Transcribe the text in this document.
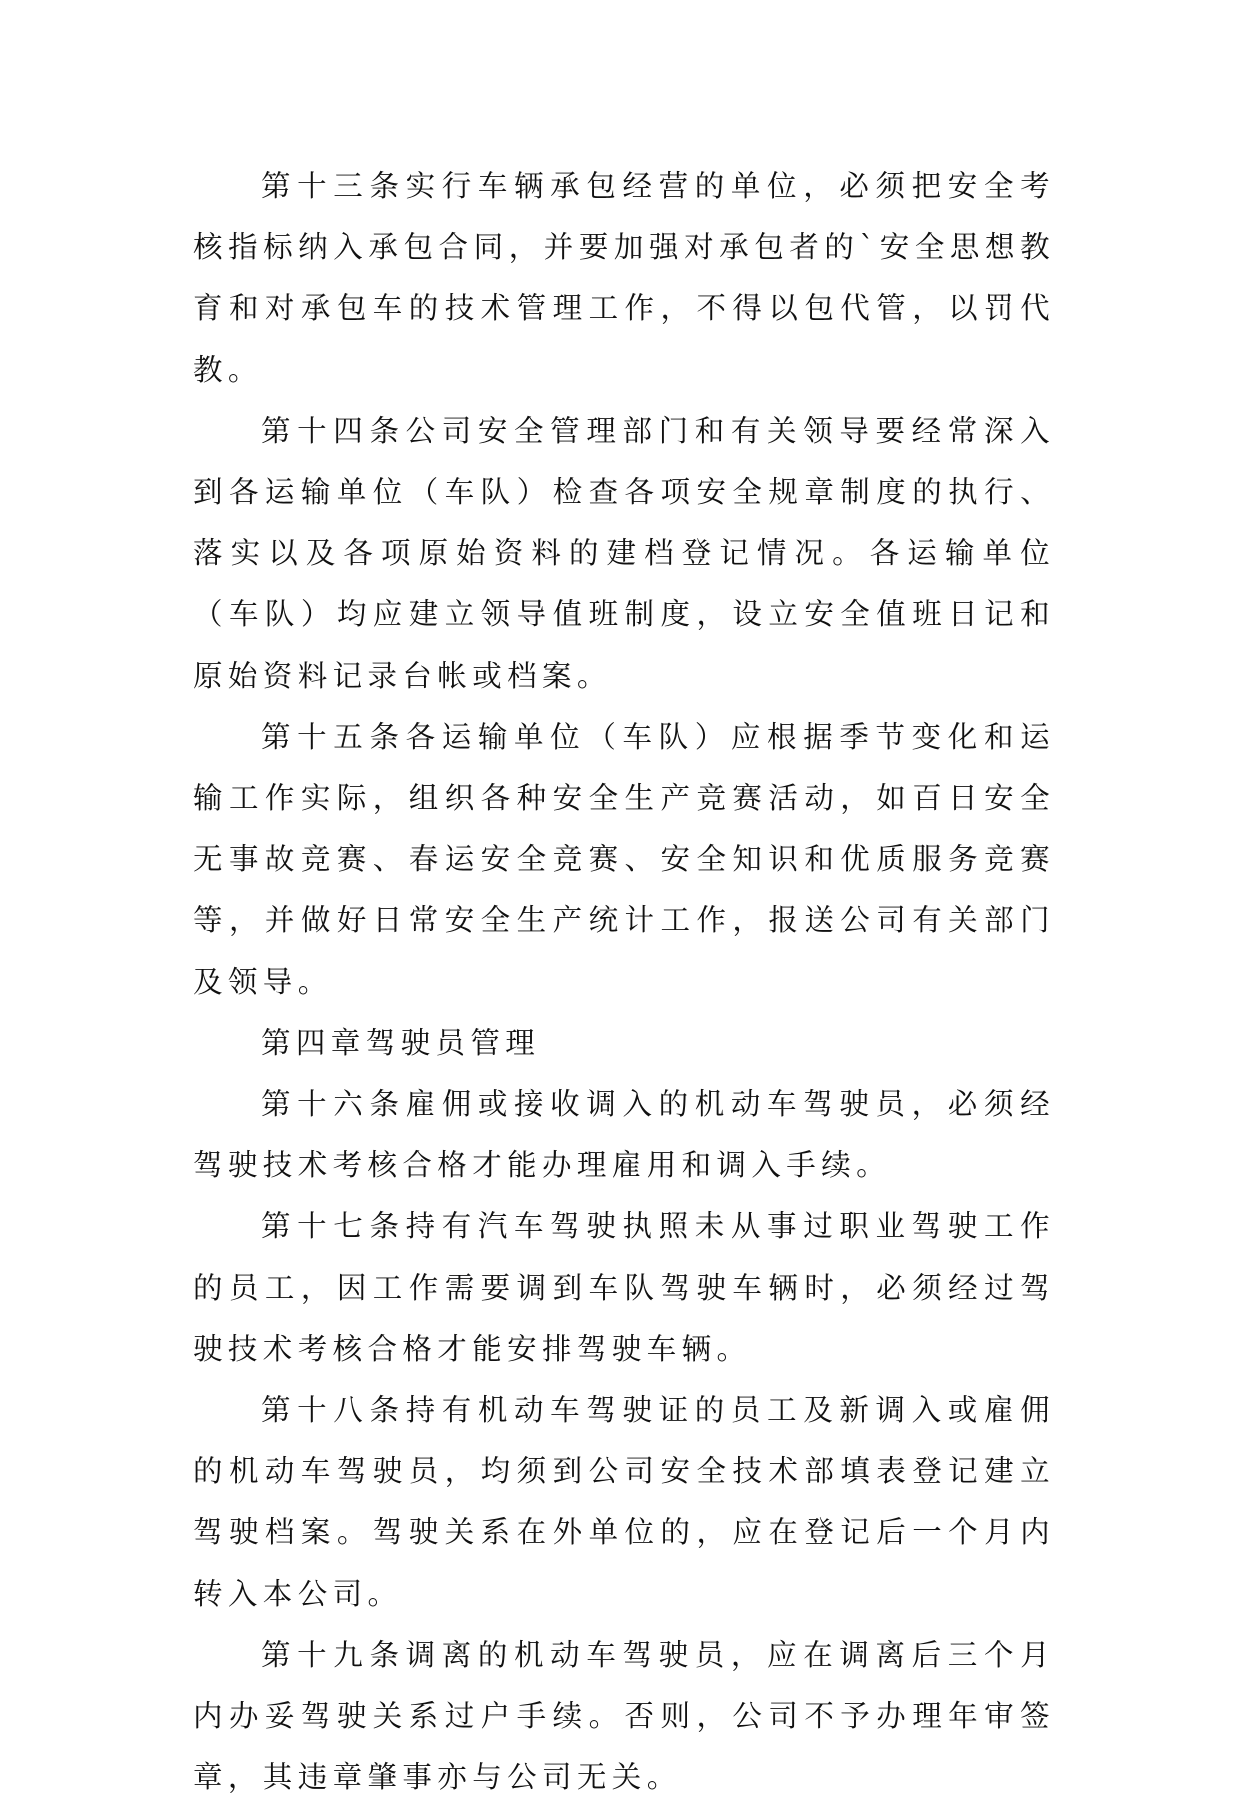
第十三条实行车辆承包经营的单位，必须把安全考核指标纳入承包合同，并要加强对承包者的`安全思想教育和对承包车的技术管理工作，不得以包代管，以罚代教。

第十四条公司安全管理部门和有关领导要经常深入到各运输单位（车队）检查各项安全规章制度的执行、落实以及各项原始资料的建档登记情况。各运输单位（车队）均应建立领导值班制度，设立安全值班日记和原始资料记录台帐或档案。

第十五条各运输单位（车队）应根据季节变化和运输工作实际，组织各种安全生产竞赛活动，如百日安全无事故竞赛、春运安全竞赛、安全知识和优质服务竞赛等，并做好日常安全生产统计工作，报送公司有关部门及领导。

第四章驾驶员管理

第十六条雇佣或接收调入的机动车驾驶员，必须经驾驶技术考核合格才能办理雇用和调入手续。

第十七条持有汽车驾驶执照未从事过职业驾驶工作的员工，因工作需要调到车队驾驶车辆时，必须经过驾驶技术考核合格才能安排驾驶车辆。

第十八条持有机动车驾驶证的员工及新调入或雇佣的机动车驾驶员，均须到公司安全技术部填表登记建立驾驶档案。驾驶关系在外单位的，应在登记后一个月内转入本公司。

第十九条调离的机动车驾驶员，应在调离后三个月内办妥驾驶关系过户手续。否则，公司不予办理年审签章，其违章肇事亦与公司无关。
